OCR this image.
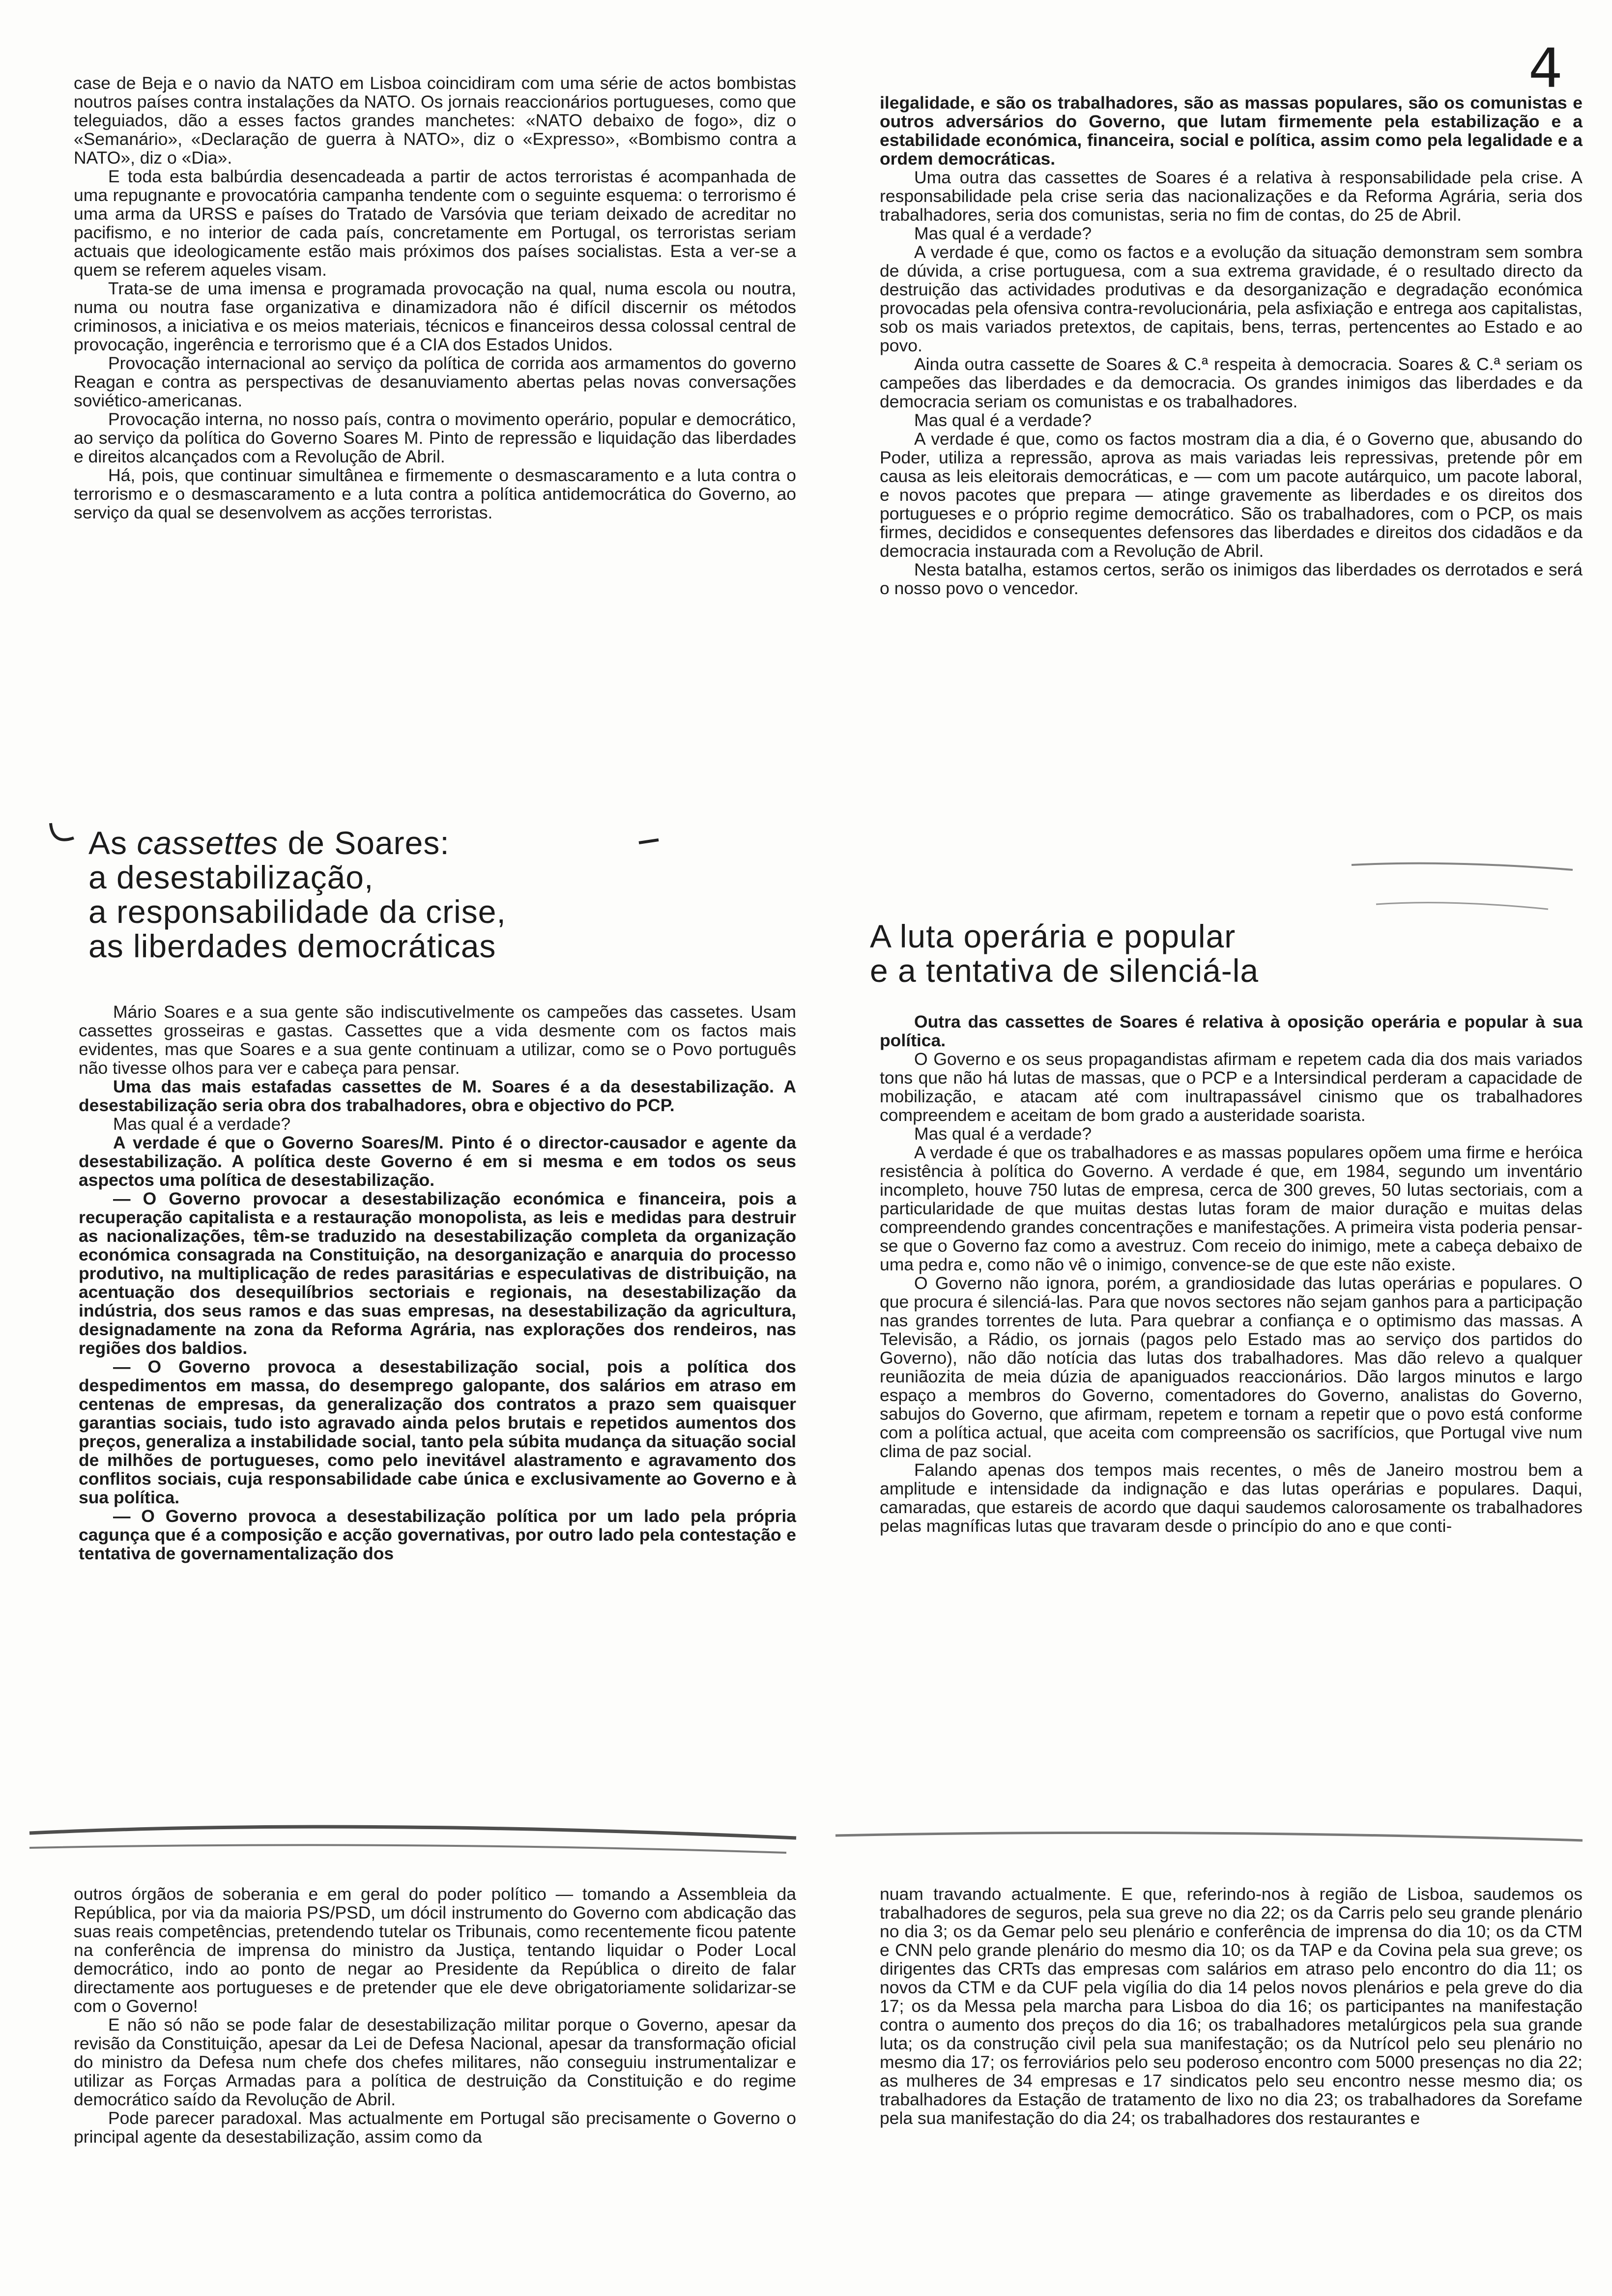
4

case de Beja e o navio da NATO em Lisboa coincidiram com uma série de actos bombistas noutros países contra instalações da NATO. Os jornais reaccionários portugueses, como que teleguiados, dão a esses factos grandes manchetes: «NATO debaixo de fogo», diz o «Semanário», «Declaração de guerra à NATO», diz o «Expresso», «Bombismo contra a NATO», diz o «Dia».

E toda esta balbúrdia desencadeada a partir de actos terroristas é acompanhada de uma repugnante e provocatória campanha tendente com o seguinte esquema: o terrorismo é uma arma da URSS e países do Tratado de Varsóvia que teriam deixado de acreditar no pacifismo, e no interior de cada país, concretamente em Portugal, os terroristas seriam actuais que ideologicamente estão mais próximos dos países socialistas. Esta a ver-se a quem se referem aqueles visam.

Trata-se de uma imensa e programada provocação na qual, numa escola ou noutra, numa ou noutra fase organizativa e dinamizadora não é difícil discernir os métodos criminosos, a iniciativa e os meios materiais, técnicos e financeiros dessa colossal central de provocação, ingerência e terrorismo que é a CIA dos Estados Unidos.

Provocação internacional ao serviço da política de corrida aos armamentos do governo Reagan e contra as perspectivas de desanuviamento abertas pelas novas conversações soviético-americanas.

Provocação interna, no nosso país, contra o movimento operário, popular e democrático, ao serviço da política do Governo Soares M. Pinto de repressão e liquidação das liberdades e direitos alcançados com a Revolução de Abril.

Há, pois, que continuar simultânea e firmemente o desmascaramento e a luta contra o terrorismo e o desmascaramento e a luta contra a política antidemocrática do Governo, ao serviço da qual se desenvolvem as acções terroristas.

As cassettes de Soares:
a desestabilização,
a responsabilidade da crise,
as liberdades democráticas

Mário Soares e a sua gente são indiscutivelmente os campeões das cassetes. Usam cassettes grosseiras e gastas. Cassettes que a vida desmente com os factos mais evidentes, mas que Soares e a sua gente continuam a utilizar, como se o Povo português não tivesse olhos para ver e cabeça para pensar.

Uma das mais estafadas cassettes de M. Soares é a da desestabilização. A desestabilização seria obra dos trabalhadores, obra e objectivo do PCP.

Mas qual é a verdade?

A verdade é que o Governo Soares/M. Pinto é o director-causador e agente da desestabilização. A política deste Governo é em si mesma e em todos os seus aspectos uma política de desestabilização.

— O Governo provocar a desestabilização económica e financeira, pois a recuperação capitalista e a restauração monopolista, as leis e medidas para destruir as nacionalizações, têm-se traduzido na desestabilização completa da organização económica consagrada na Constituição, na desorganização e anarquia do processo produtivo, na multiplicação de redes parasitárias e especulativas de distribuição, na acentuação dos desequilíbrios sectoriais e regionais, na desestabilização da indústria, dos seus ramos e das suas empresas, na desestabilização da agricultura, designadamente na zona da Reforma Agrária, nas explorações dos rendeiros, nas regiões dos baldios.

— O Governo provoca a desestabilização social, pois a política dos despedimentos em massa, do desemprego galopante, dos salários em atraso em centenas de empresas, da generalização dos contratos a prazo sem quaisquer garantias sociais, tudo isto agravado ainda pelos brutais e repetidos aumentos dos preços, generaliza a instabilidade social, tanto pela súbita mudança da situação social de milhões de portugueses, como pelo inevitável alastramento e agravamento dos conflitos sociais, cuja responsabilidade cabe única e exclusivamente ao Governo e à sua política.

— O Governo provoca a desestabilização política por um lado pela própria cagunça que é a composição e acção governativas, por outro lado pela contestação e tentativa de governamentalização dos

outros órgãos de soberania e em geral do poder político — tomando a Assembleia da República, por via da maioria PS/PSD, um dócil instrumento do Governo com abdicação das suas reais competências, pretendendo tutelar os Tribunais, como recentemente ficou patente na conferência de imprensa do ministro da Justiça, tentando liquidar o Poder Local democrático, indo ao ponto de negar ao Presidente da República o direito de falar directamente aos portugueses e de pretender que ele deve obrigatoriamente solidarizar-se com o Governo!

E não só não se pode falar de desestabilização militar porque o Governo, apesar da revisão da Constituição, apesar da Lei de Defesa Nacional, apesar da transformação oficial do ministro da Defesa num chefe dos chefes militares, não conseguiu instrumentalizar e utilizar as Forças Armadas para a política de destruição da Constituição e do regime democrático saído da Revolução de Abril.

Pode parecer paradoxal. Mas actualmente em Portugal são precisamente o Governo o principal agente da desestabilização, assim como da

ilegalidade, e são os trabalhadores, são as massas populares, são os comunistas e outros adversários do Governo, que lutam firmemente pela estabilização e a estabilidade económica, financeira, social e política, assim como pela legalidade e a ordem democráticas.

Uma outra das cassettes de Soares é a relativa à responsabilidade pela crise. A responsabilidade pela crise seria das nacionalizações e da Reforma Agrária, seria dos trabalhadores, seria dos comunistas, seria no fim de contas, do 25 de Abril.

Mas qual é a verdade?

A verdade é que, como os factos e a evolução da situação demonstram sem sombra de dúvida, a crise portuguesa, com a sua extrema gravidade, é o resultado directo da destruição das actividades produtivas e da desorganização e degradação económica provocadas pela ofensiva contra-revolucionária, pela asfixiação e entrega aos capitalistas, sob os mais variados pretextos, de capitais, bens, terras, pertencentes ao Estado e ao povo.

Ainda outra cassette de Soares & C.ª respeita à democracia. Soares & C.ª seriam os campeões das liberdades e da democracia. Os grandes inimigos das liberdades e da democracia seriam os comunistas e os trabalhadores.

Mas qual é a verdade?

A verdade é que, como os factos mostram dia a dia, é o Governo que, abusando do Poder, utiliza a repressão, aprova as mais variadas leis repressivas, pretende pôr em causa as leis eleitorais democráticas, e — com um pacote autárquico, um pacote laboral, e novos pacotes que prepara — atinge gravemente as liberdades e os direitos dos portugueses e o próprio regime democrático. São os trabalhadores, com o PCP, os mais firmes, decididos e consequentes defensores das liberdades e direitos dos cidadãos e da democracia instaurada com a Revolução de Abril.

Nesta batalha, estamos certos, serão os inimigos das liberdades os derrotados e será o nosso povo o vencedor.

A luta operária e popular
e a tentativa de silenciá-la

Outra das cassettes de Soares é relativa à oposição operária e popular à sua política.

O Governo e os seus propagandistas afirmam e repetem cada dia dos mais variados tons que não há lutas de massas, que o PCP e a Intersindical perderam a capacidade de mobilização, e atacam até com inultrapassável cinismo que os trabalhadores compreendem e aceitam de bom grado a austeridade soarista.

Mas qual é a verdade?

A verdade é que os trabalhadores e as massas populares opõem uma firme e heróica resistência à política do Governo. A verdade é que, em 1984, segundo um inventário incompleto, houve 750 lutas de empresa, cerca de 300 greves, 50 lutas sectoriais, com a particularidade de que muitas destas lutas foram de maior duração e muitas delas compreendendo grandes concentrações e manifestações. A primeira vista poderia pensar-se que o Governo faz como a avestruz. Com receio do inimigo, mete a cabeça debaixo de uma pedra e, como não vê o inimigo, convence-se de que este não existe.

O Governo não ignora, porém, a grandiosidade das lutas operárias e populares. O que procura é silenciá-las. Para que novos sectores não sejam ganhos para a participação nas grandes torrentes de luta. Para quebrar a confiança e o optimismo das massas. A Televisão, a Rádio, os jornais (pagos pelo Estado mas ao serviço dos partidos do Governo), não dão notícia das lutas dos trabalhadores. Mas dão relevo a qualquer reuniãozita de meia dúzia de apaniguados reaccionários. Dão largos minutos e largo espaço a membros do Governo, comentadores do Governo, analistas do Governo, sabujos do Governo, que afirmam, repetem e tornam a repetir que o povo está conforme com a política actual, que aceita com compreensão os sacrifícios, que Portugal vive num clima de paz social.

Falando apenas dos tempos mais recentes, o mês de Janeiro mostrou bem a amplitude e intensidade da indignação e das lutas operárias e populares. Daqui, camaradas, que estareis de acordo que daqui saudemos calorosamente os trabalhadores pelas magníficas lutas que travaram desde o princípio do ano e que conti-

nuam travando actualmente. E que, referindo-nos à região de Lisboa, saudemos os trabalhadores de seguros, pela sua greve no dia 22; os da Carris pelo seu grande plenário no dia 3; os da Gemar pelo seu plenário e conferência de imprensa do dia 10; os da CTM e CNN pelo grande plenário do mesmo dia 10; os da TAP e da Covina pela sua greve; os dirigentes das CRTs das empresas com salários em atraso pelo encontro do dia 11; os novos da CTM e da CUF pela vigília do dia 14 pelos novos plenários e pela greve do dia 17; os da Messa pela marcha para Lisboa do dia 16; os participantes na manifestação contra o aumento dos preços do dia 16; os trabalhadores metalúrgicos pela sua grande luta; os da construção civil pela sua manifestação; os da Nutrícol pelo seu plenário no mesmo dia 17; os ferroviários pelo seu poderoso encontro com 5000 presenças no dia 22; as mulheres de 34 empresas e 17 sindicatos pelo seu encontro nesse mesmo dia; os trabalhadores da Estação de tratamento de lixo no dia 23; os trabalhadores da Sorefame pela sua manifestação do dia 24; os trabalhadores dos restaurantes e
